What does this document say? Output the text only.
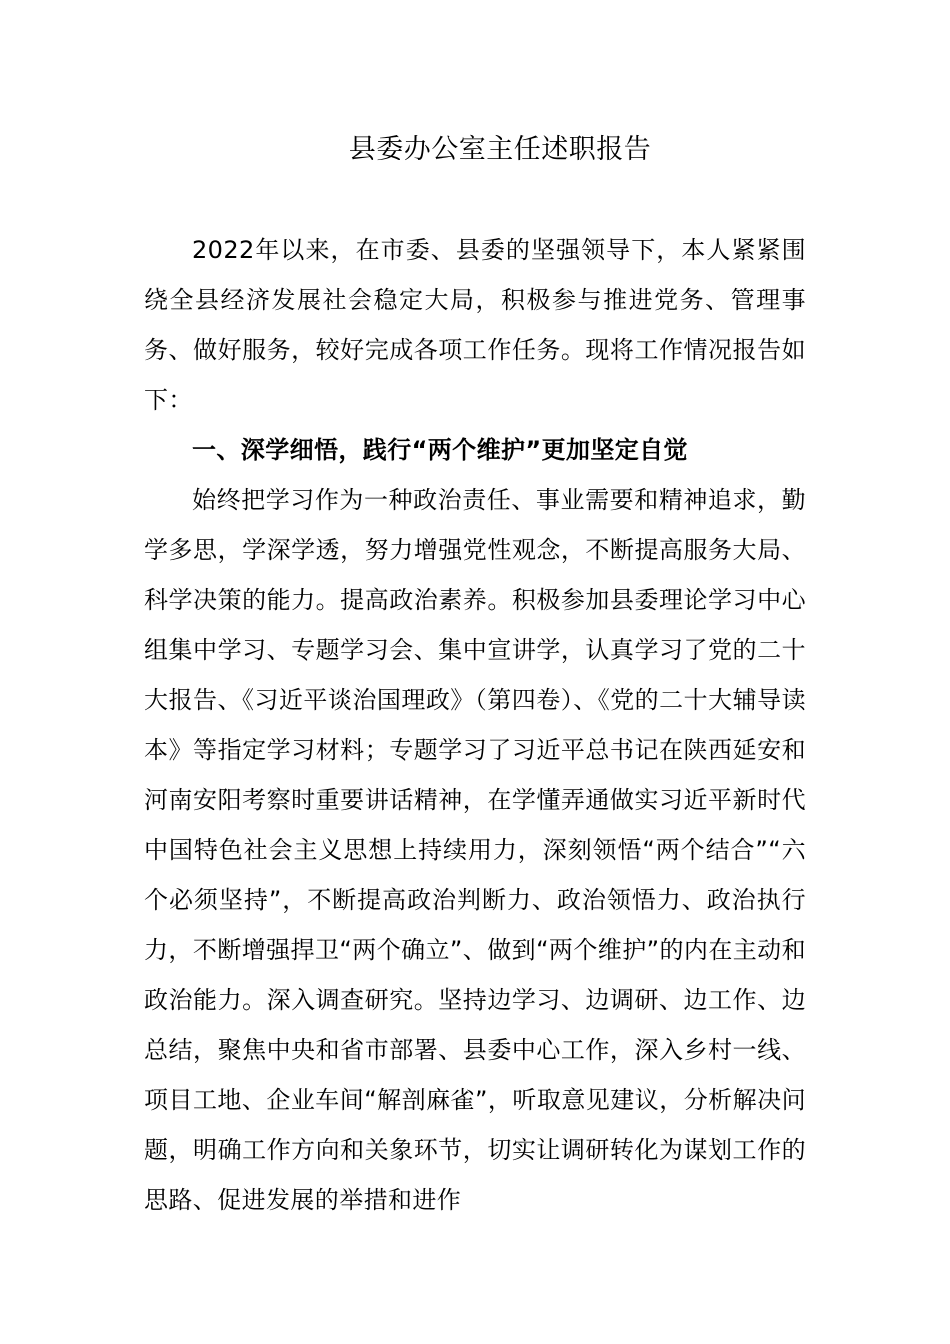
县委办公室主任述职报告

2022年以来，在市委、县委的坚强领导下，本人紧紧围绕全县经济发展社会稳定大局，积极参与推进党务、管理事务、做好服务，较好完成各项工作任务。现将工作情况报告如下：

一、深学细悟，践行“两个维护”更加坚定自觉

始终把学习作为一种政治责任、事业需要和精神追求，勤学多思，学深学透，努力增强党性观念，不断提高服务大局、科学决策的能力。提高政治素养。积极参加县委理论学习中心组集中学习、专题学习会、集中宣讲学，认真学习了党的二十大报告、《习近平谈治国理政》（第四卷）、《党的二十大辅导读本》等指定学习材料；专题学习了习近平总书记在陕西延安和河南安阳考察时重要讲话精神，在学懂弄通做实习近平新时代中国特色社会主义思想上持续用力，深刻领悟“两个结合”“六个必须坚持”，不断提高政治判断力、政治领悟力、政治执行力，不断增强捍卫“两个确立”、做到“两个维护”的内在主动和政治能力。深入调查研究。坚持边学习、边调研、边工作、边总结，聚焦中央和省市部署、县委中心工作，深入乡村一线、项目工地、企业车间“解剖麻雀”，听取意见建议，分析解决问题，明确工作方向和关象环节，切实让调研转化为谋划工作的思路、促进发展的举措和进作
